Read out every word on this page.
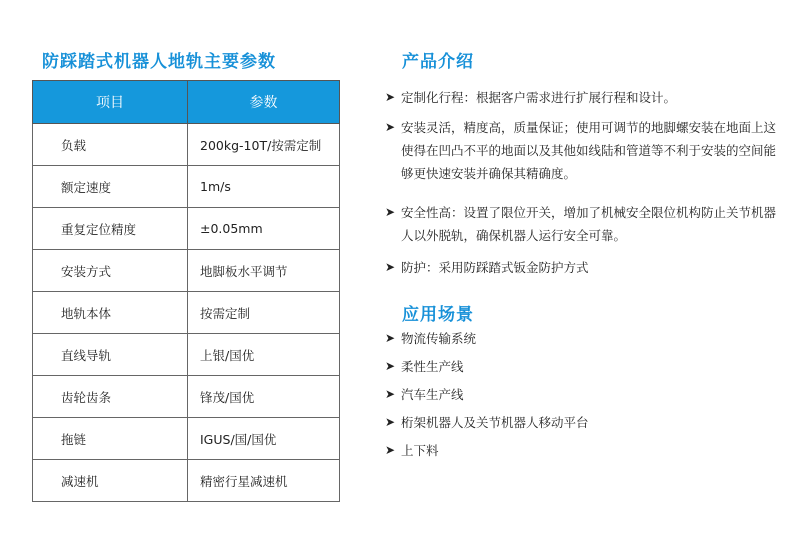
防踩踏式机器人地轨主要参数
项目	参数
负载	200kg-10T/按需定制
额定速度	1m/s
重复定位精度	±0.05mm
安装方式	地脚板水平调节
地轨本体	按需定制
直线导轨	上银/国优
齿轮齿条	锋茂/国优
拖链	IGUS/国/国优
减速机	精密行星减速机
产品介绍
➤ 定制化行程：根据客户需求进行扩展行程和设计。
➤ 安装灵活，精度高，质量保证；使用可调节的地脚螺安装在地面上这使得在凹凸不平的地面以及其他如线陆和管道等不利于安装的空间能够更快速安装并确保其精确度。
➤ 安全性高：设置了限位开关，增加了机械安全限位机构防止关节机器人以外脱轨，确保机器人运行安全可靠。
➤ 防护：采用防踩踏式钣金防护方式
应用场景
➤ 物流传输系统
➤ 柔性生产线
➤ 汽车生产线
➤ 桁架机器人及关节机器人移动平台
➤ 上下料
